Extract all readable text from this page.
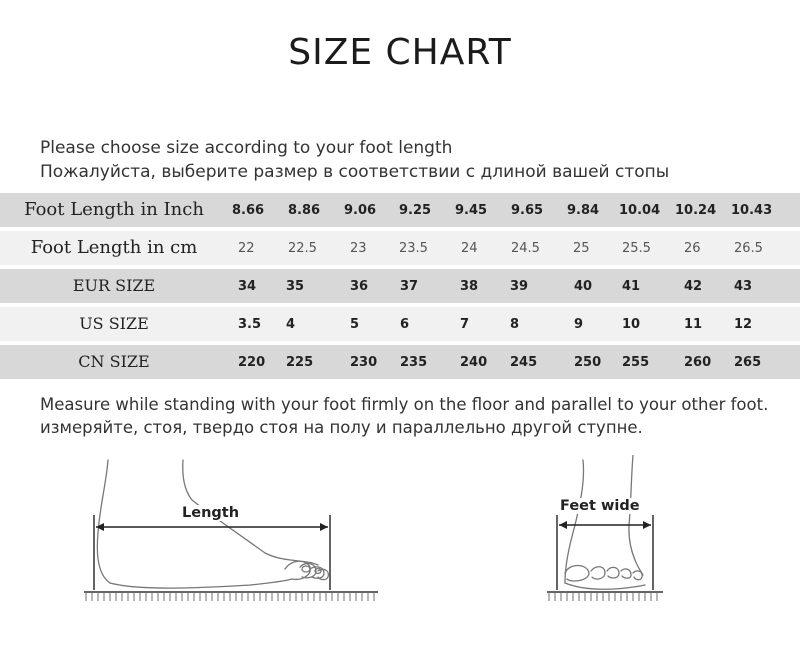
SIZE CHART
Please choose size according to your foot length
Пожалуйста, выберите размер в соответствии с длиной вашей стопы
Foot Length in Inch	8.66 8.86 9.06 9.25 9.45 9.65 9.84 10.04 10.24 10.43
Foot Length in cm	22	22.5	23 23.5	24	24.5	25 25.5	26	26.5
EUR SIZE	34 35	36 37	38 39	40 41	42 43
US SIZE	3.5 4	5	6	7	8	9	10	11 12
CN SIZE	220 225	230 235	240 245	250 255	260 265
Measure while standing with your foot firmly on the floor and parallel to your other foot.
измеряйте, стоя, твердо стоя на полу и параллельно другой ступне.
Length	Feet wide
